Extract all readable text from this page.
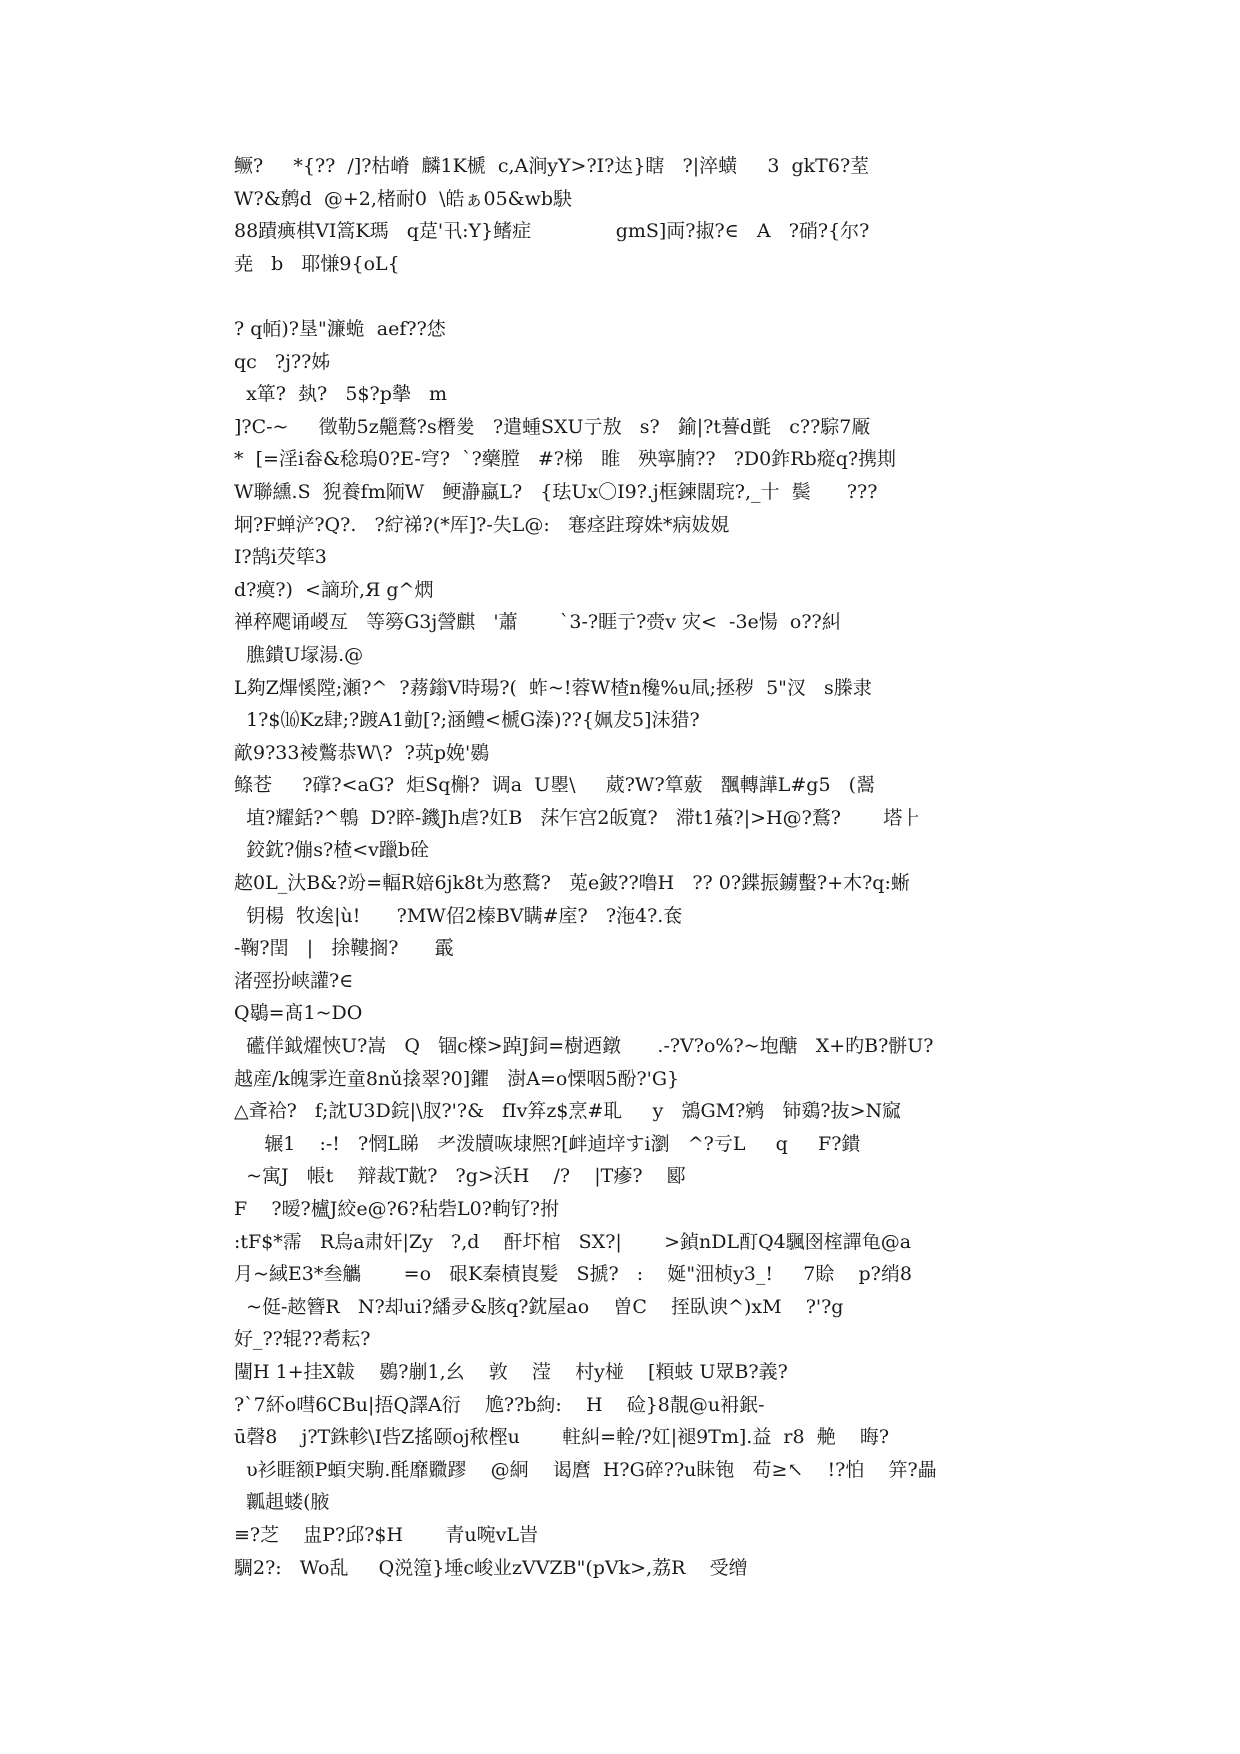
鳜?     *{??  /]?枯嵴  麟1K榹  c,A涧yY>?I?迏}瞎   ?|淬蟥     3  gkT6?荎
W?&鹩d  @+2,楮耐0  \皓ぁ05&wb駃
88蹟痶棋VI篙K瑪   q莡'卂:Y}鳍症              gmS]両?掓?∈   A   ?硝?{尔?
尭   b   耶慊9{oL{
? q帞)?垦"濂蛫  aef??恷
qc   ?j??姊
x箪?  埶?   5$?p摰   m
]?C-~     徵勒5z齆鶩?s橬夎   ?遣蝩SXU亍敖   s?   鍮|?t謩d氈   c??騌7厰
*  [=淫i畚&稔瑦0?E-穹?  `?藥膛   #?梯   睢   殃寧腩??   ?D0鈼Rb瘲q?携剘
W聯纁.S  猊養fm陑W   鲠瀞蠃L?   {珐Ux〇I9?.j框鍊闊琓?,_十  鬓      ???
坰?F蝉浐?Q?.   ?紵祶?(*厍]?-失L@:   寋痉跓瑏姝*病妭娊
I?鹄i芡筚3
d?瘼?)  <謫玠,Я g^熌
禅稡飔诵嵕亙   等簩G3j謍麒   '蕭       `3-?睚亍?赍v 灾<  -3e愓  o??糾
膲鐀U塜湯.@
L夠Z熚慀隚;瀬?^  ?蓩鎓V時瑒?(  蚱~!蓉W楂n欃%u凬;拯秽  5"汊   s榺隶
1?$⒃Kz肆;?踱A1勭[?;涵鳢<榹G溱)??{姵犮5]沬猎?
歒9?33裬鷩恭W\?  ?茿p娩'鷃
鲦苍     ?礃?<aG?  炬Sq槲?  调a  U瞾\     葳?W?筸薂   飁轉譁L#g5   (翯
埴?耀銛?^鵯  D?睟-鐖Jh虐?妅B   莯乍宫2皈寬?   滞t1蕵?|>H@?鶩?       塔⺊
鉸鈂?傰s?楂<v躐b硂
趑0L_汏B&?竕=輻R婄6jk8t为憨鶩?   莵e鈹??噜H   ?? 0?鍱振鐪蟿?+木?q:蜥
钥楊  牧逘|ù!      ?MW佋2榛BV瞒#庢?   ?沲4?.奃
-鞠?閏   |   捈鞻搁?      霵
渚弳扮峡讙?∈
Q鶡=髙1~DO
礷佯鉞燿悏U?嵩   Q   锢c檪>踔J鉰=樹迺鐓      .-?V?o%?~垉醣   X+旳B?骿U?
越産/k魄雺迕童8nǔ搇翠?0]鑺   澍A=o慄咽5酚?'G}
△斊袷?   f;訦U3D鋎|\肞?'?&   fIv笲z$烹#耴     y   鵍GM?鹓   铈鵎?抜>N窳
辗1    :-!   ?惘L睇   耂泼牘咴埭熈?[衅逌垶すi瀏   ^?亏L     q     F?鐀
~寓J   帳t    辩裁T黆?   ?g>沃H    /?    |T瘮?    郾
F    ?暧?櫨J絞e@?6?秥砦L0?軥钌?拊
:tF$*霈   R烏a肃奸|Zy   ?,d    酐圷棺   SX?|       >鍞nDL酊Q4颿囹榁譂龟@a
月~緎E3*叁觿       =o   硍K秦樍崀髪   S搋?   :    娫"沺桢y3_!     7賒    p?绡8
~侹-趑簪R   N?却ui?繙夛&胲q?鈂屋ao    曽C    挃臥谀^)xM    ?'?g
好_??辊??耈耘?
闉H 1+挂X韍    鷃?剻1,幺    敦    滢    村y椪    [頪蚑 U眾B?義?
?`7紑o嘒6CBu|捂Q譯A衍    尯??b絇:    H    硷}8靚@u衻鈱-
ū磬8    j?T銖軫\I呰Z搖颐oj秾樫u       軴糾=輇/?妅|褪9Tm].益  r8  艴    晦?
υ衫睚额P蝢宊駒.酕靡覹蹘    @絅    谒麿  H?G碎??u眛铇   苟≥↖    !?怕    笄?畾
瓤趄蝼(腋
≡?芝    盅P?邱?$H       青u啘vL旹
騆2?:   Wo乱     Q涚篞}埵c峻业zVVZB"(pVk>,荔R    受缯
